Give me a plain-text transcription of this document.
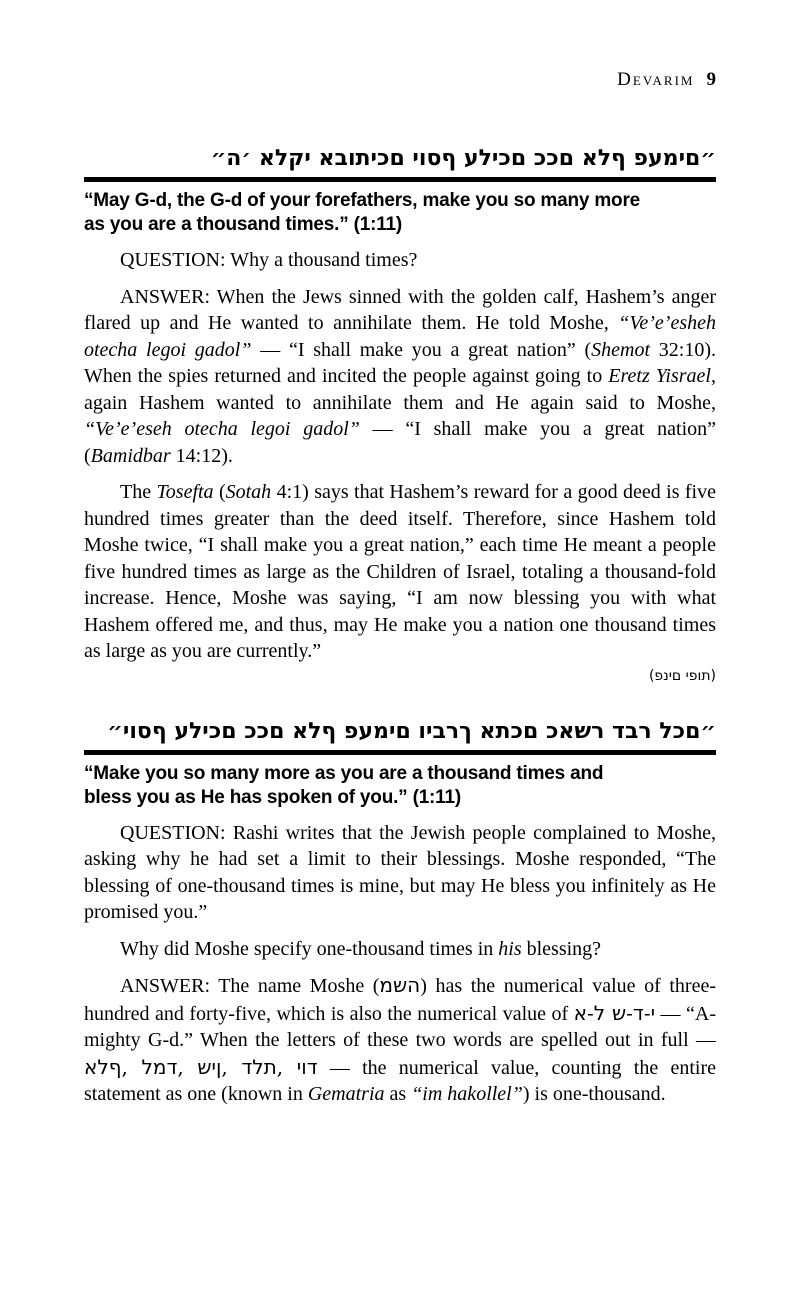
Devarim 9
״ה׳ אלקי אבותיכם יוסף עליכם ככם אלף פעמים״
“May G-d, the G-d of your forefathers, make you so many more
as you are a thousand times.” (1:11)

QUESTION: Why a thousand times?

ANSWER: When the Jews sinned with the golden calf, Hashem’s anger flared up and He wanted to annihilate them. He told Moshe, “Ve’e’esheh otecha legoi gadol” — “I shall make you a great nation” (Shemot 32:10). When the spies returned and incited the people against going to Eretz Yisrael, again Hashem wanted to annihilate them and He again said to Moshe, “Ve’e’eseh otecha legoi gadol” — “I shall make you a great nation” (Bamidbar 14:12).

The Tosefta (Sotah 4:1) says that Hashem’s reward for a good deed is five hundred times greater than the deed itself. Therefore, since Hashem told Moshe twice, “I shall make you a great nation,” each time He meant a people five hundred times as large as the Children of Israel, totaling a thousand-fold increase. Hence, Moshe was saying, “I am now blessing you with what Hashem offered me, and thus, may He make you a nation one thousand times as large as you are currently.”

(פנים יפות)
״יוסף עליכם ככם אלף פעמים ויברך אתכם כאשר דבר לכם״
“Make you so many more as you are a thousand times and
bless you as He has spoken of you.” (1:11)

QUESTION: Rashi writes that the Jewish people complained to Moshe, asking why he had set a limit to their blessings. Moshe responded, “The blessing of one-thousand times is mine, but may He bless you infinitely as He promised you.”

Why did Moshe specify one-thousand times in his blessing?

ANSWER: The name Moshe (משה) has the numerical value of three-hundred and forty-five, which is also the numerical value of א-ל ש-ד-י — “A-mighty G-d.” When the letters of these two words are spelled out in full — אלף, למד, שין, דלת, יוד — the numerical value, counting the entire statement as one (known in Gematria as “im hakollel”) is one-thousand.
